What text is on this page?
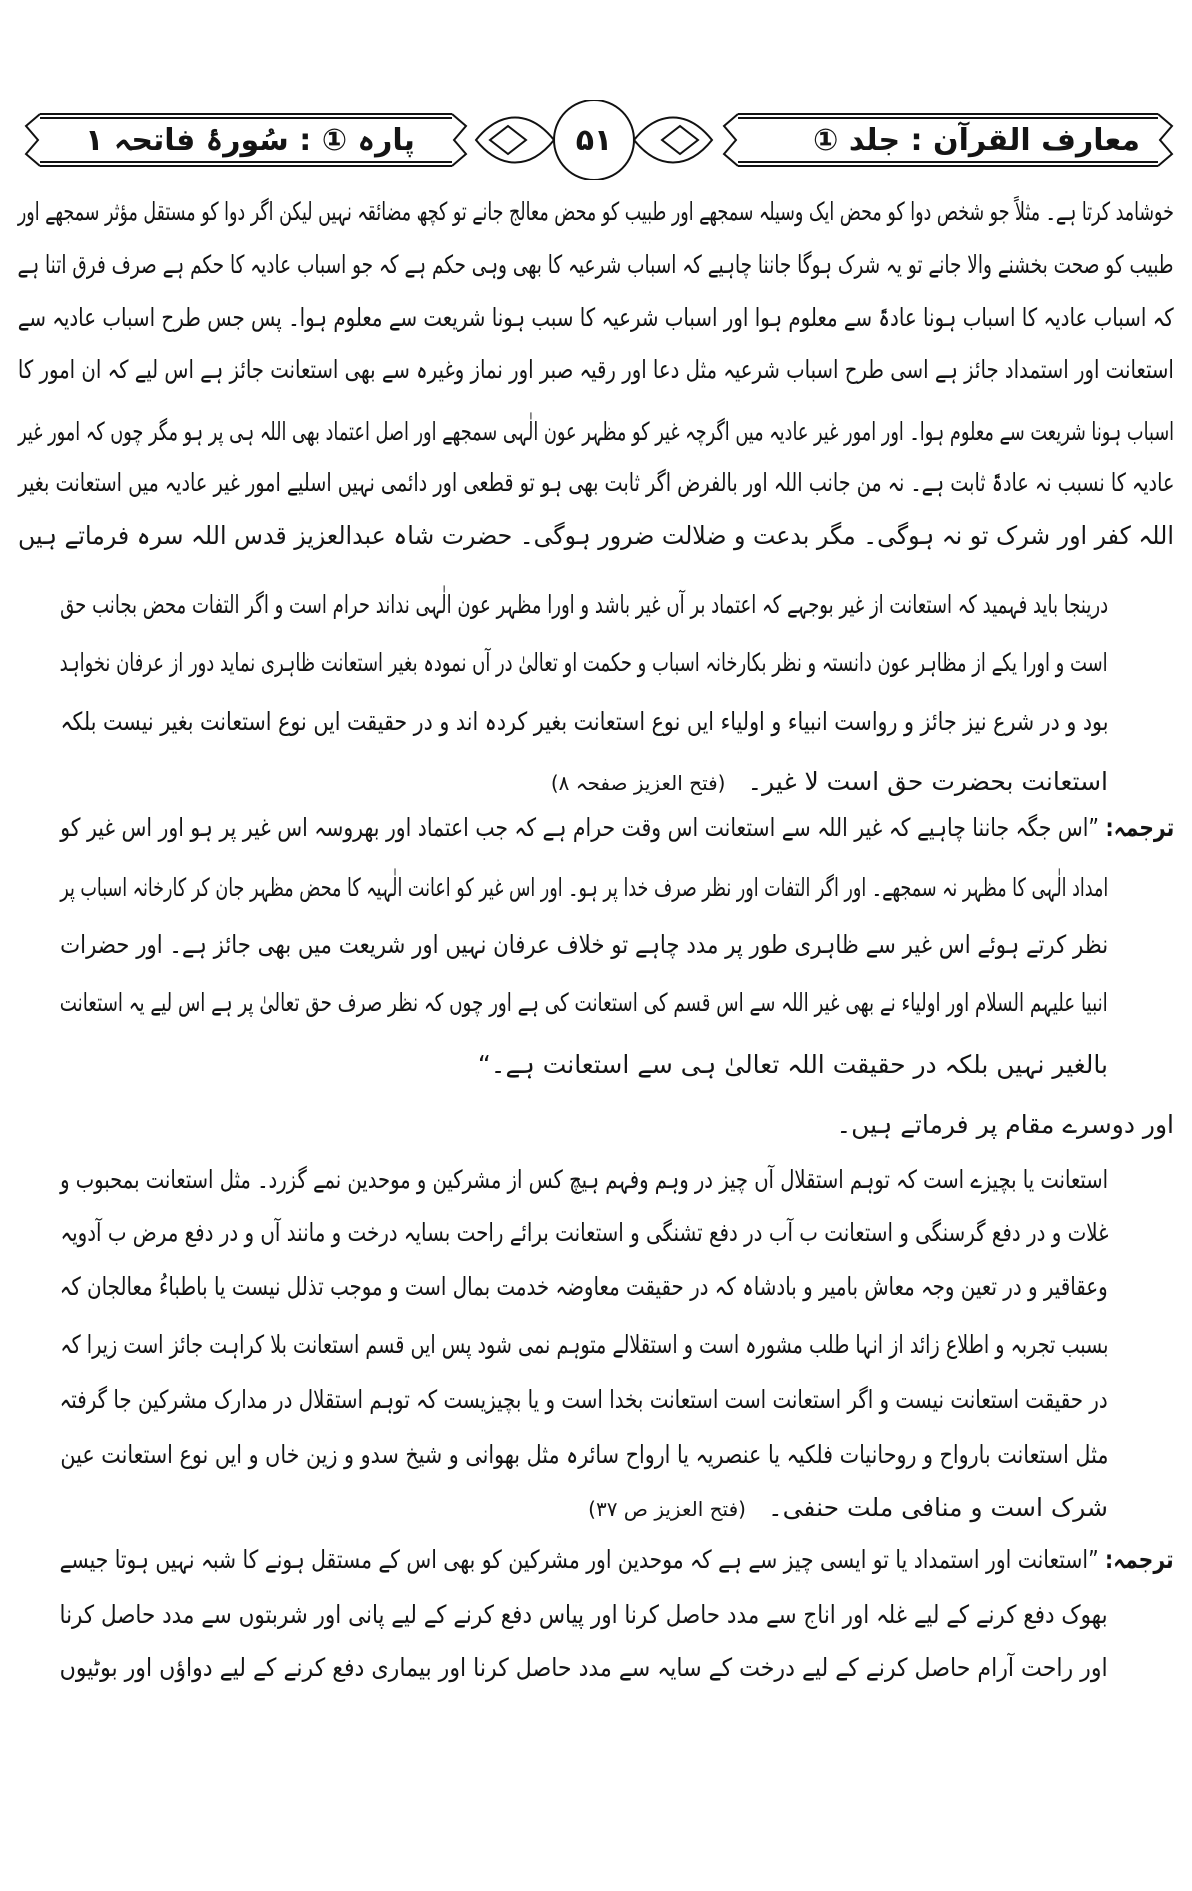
پارہ ① : سُورۂ فاتحہ ۱	۵۱	معارف القرآن : جلد ①
خوشامد کرتا ہے۔ مثلاً جو شخص دوا کو محض ایک وسیلہ سمجھے اور طبیب کو محض معالج جانے تو کچھ مضائقہ نہیں لیکن اگر دوا کو مستقل مؤثر سمجھے اور
طبیب کو صحت بخشنے والا جانے تو یہ شرک ہوگا جاننا چاہیے کہ اسباب شرعیہ کا بھی وہی حکم ہے کہ جو اسباب عادیہ کا حکم ہے صرف فرق اتنا ہے
کہ اسباب عادیہ کا اسباب ہونا عادۃً سے معلوم ہوا اور اسباب شرعیہ کا سبب ہونا شریعت سے معلوم ہوا۔ پس جس طرح اسباب عادیہ سے
استعانت اور استمداد جائز ہے اسی طرح اسباب شرعیہ مثل دعا اور رقیہ صبر اور نماز وغیرہ سے بھی استعانت جائز ہے اس لیے کہ ان امور کا
اسباب ہونا شریعت سے معلوم ہوا۔ اور امور غیر عادیہ میں اگرچہ غیر کو مظہر عون الٰہی سمجھے اور اصل اعتماد بھی اللہ ہی پر ہو مگر چوں کہ امور غیر
عادیہ کا نسبب نہ عادۃً ثابت ہے۔ نہ من جانب اللہ اور بالفرض اگر ثابت بھی ہو تو قطعی اور دائمی نہیں اسلیے امور غیر عادیہ میں استعانت بغیر
اللہ کفر اور شرک تو نہ ہوگی۔ مگر بدعت و ضلالت ضرور ہوگی۔ حضرت شاہ عبدالعزیز قدس اللہ سرہ فرماتے ہیں
درینجا باید فہمید کہ استعانت از غیر بوجہے کہ اعتماد بر آں غیر باشد و اورا مظہر عون الٰہی نداند حرام است و اگر التفات محض بجانب حق
است و اورا یکے از مظاہر عون دانستہ و نظر بکارخانہ اسباب و حکمت او تعالیٰ در آں نمودہ بغیر استعانت ظاہری نماید دور از عرفان نخواہد
بود و در شرع نیز جائز و رواست انبیاء و اولیاء ایں نوع استعانت بغیر کردہ اند و در حقیقت ایں نوع استعانت بغیر نیست بلکہ
استعانت بحضرت حق است لا غیر۔(فتح العزیز صفحہ ۸)
ترجمہ: ”اس جگہ جاننا چاہیے کہ غیر اللہ سے استعانت اس وقت حرام ہے کہ جب اعتماد اور بھروسہ اس غیر پر ہو اور اس غیر کو
امداد الٰہی کا مظہر نہ سمجھے۔ اور اگر التفات اور نظر صرف خدا پر ہو۔ اور اس غیر کو اعانت الٰہیہ کا محض مظہر جان کر کارخانہ اسباب پر
نظر کرتے ہوئے اس غیر سے ظاہری طور پر مدد چاہے تو خلاف عرفان نہیں اور شریعت میں بھی جائز ہے۔ اور حضرات
انبیا علیہم السلام اور اولیاء نے بھی غیر اللہ سے اس قسم کی استعانت کی ہے اور چوں کہ نظر صرف حق تعالیٰ پر ہے اس لیے یہ استعانت
بالغیر نہیں بلکہ در حقیقت اللہ تعالیٰ ہی سے استعانت ہے۔“
اور دوسرے مقام پر فرماتے ہیں۔
استعانت یا بچیزے است کہ توہم استقلال آں چیز در وہم وفہم ہیچ کس از مشرکین و موحدین نمے گزرد۔ مثل استعانت بمحبوب و
غلات و در دفع گرسنگی و استعانت ب آب در دفع تشنگی و استعانت برائے راحت بسایہ درخت و مانند آں و در دفع مرض ب آدویہ
وعقاقیر و در تعین وجہ معاش بامیر و بادشاہ کہ در حقیقت معاوضہ خدمت بمال است و موجب تذلل نیست یا باطباءُ معالجان کہ
بسبب تجربہ و اطلاع زائد از انہا طلب مشورہ است و استقلالے متوہم نمی شود پس ایں قسم استعانت بلا کراہت جائز است زیرا کہ
در حقیقت استعانت نیست و اگر استعانت است استعانت بخدا است و یا بچیزیست کہ توہم استقلال در مدارک مشرکین جا گرفتہ
مثل استعانت بارواح و روحانیات فلکیہ یا عنصریہ یا ارواح سائرہ مثل بھوانی و شیخ سدو و زین خاں و ایں نوع استعانت عین
شرک است و منافی ملت حنفی۔(فتح العزیز ص ۳۷)
ترجمہ: ”استعانت اور استمداد یا تو ایسی چیز سے ہے کہ موحدین اور مشرکین کو بھی اس کے مستقل ہونے کا شبہ نہیں ہوتا جیسے
بھوک دفع کرنے کے لیے غلہ اور اناج سے مدد حاصل کرنا اور پیاس دفع کرنے کے لیے پانی اور شربتوں سے مدد حاصل کرنا
اور راحت آرام حاصل کرنے کے لیے درخت کے سایہ سے مدد حاصل کرنا اور بیماری دفع کرنے کے لیے دواؤں اور بوٹیوں
